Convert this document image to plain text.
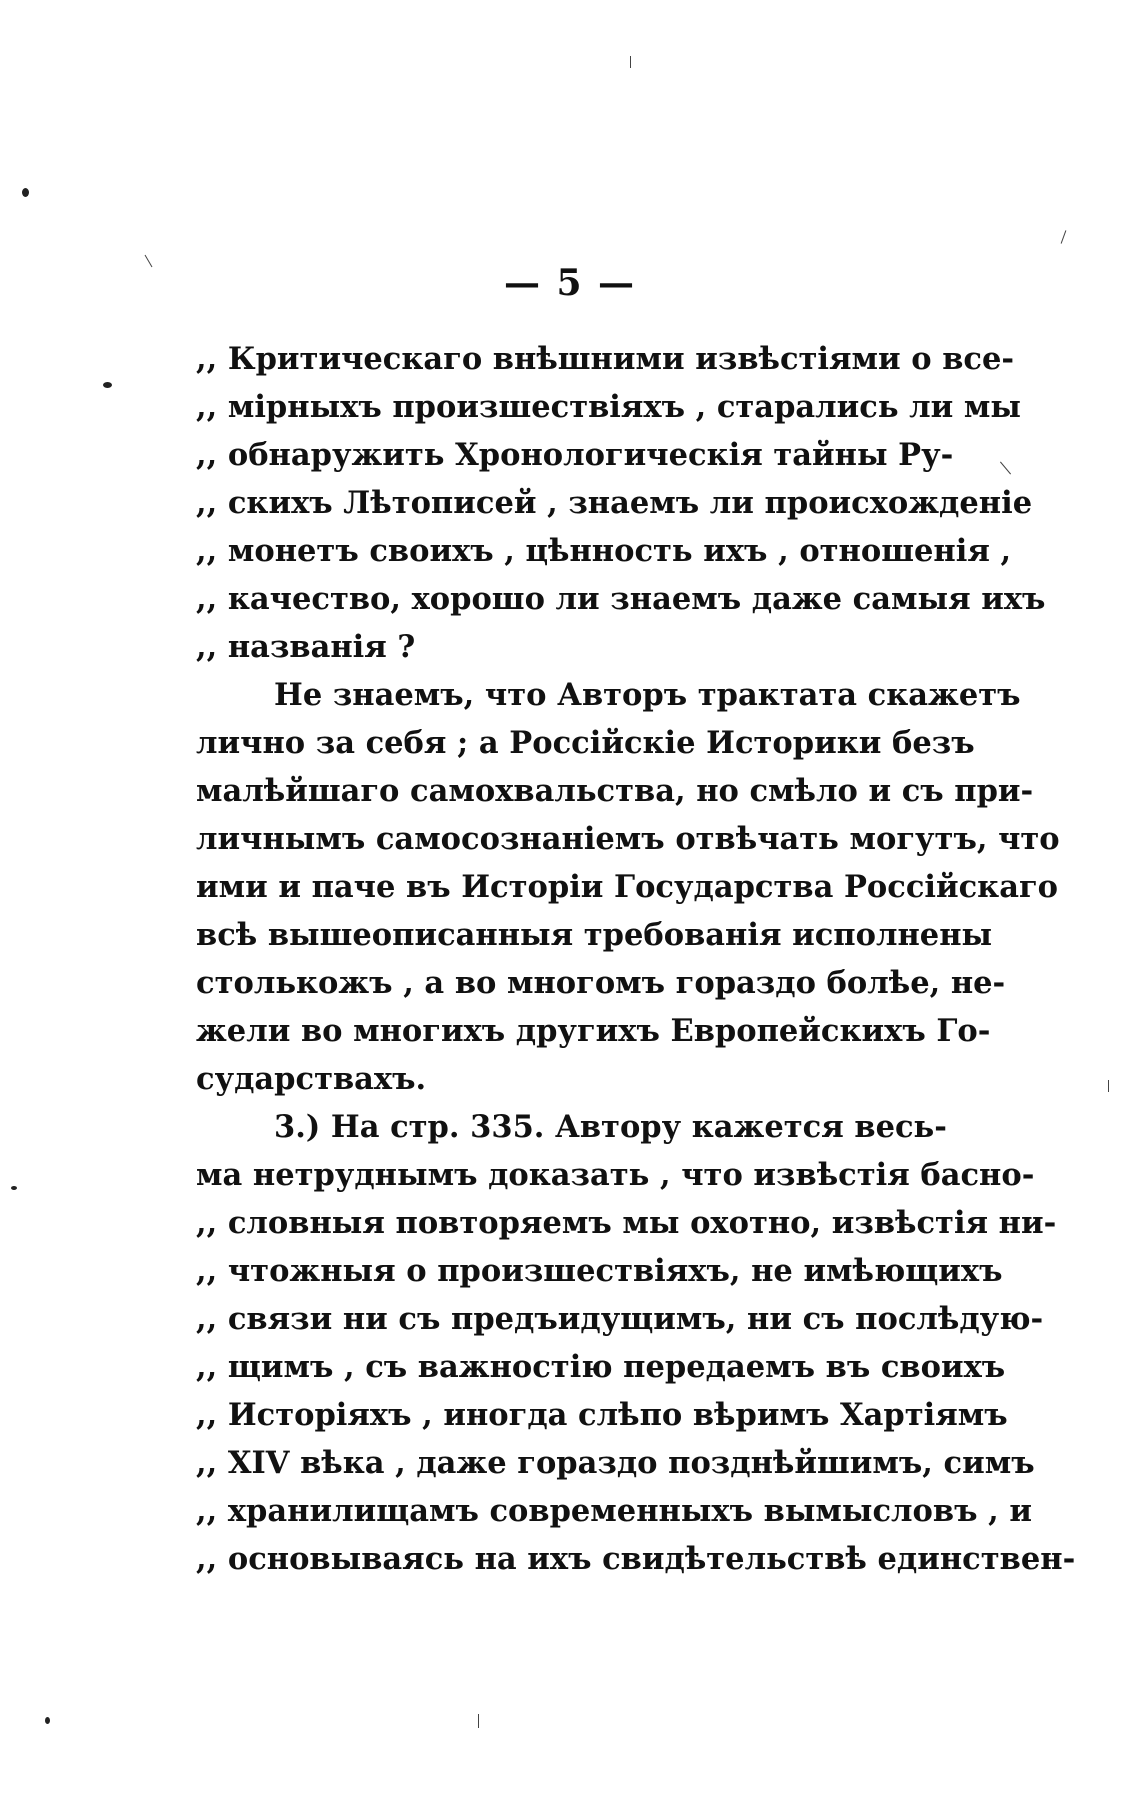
— 5 —
,, Критическаго внѣшними извѣстіями о все-
,, мірныхъ произшествіяхъ , старались ли мы
,, обнаружить Хронологическія тайны Ру-
,, скихъ Лѣтописей , знаемъ ли происхожденіе
,, монетъ своихъ , цѣнность ихъ , отношенія ,
,, качество, хорошо ли знаемъ даже самыя ихъ
,, названія ?
Не знаемъ, что Авторъ трактата скажетъ
лично за себя ; а Россійскіе Историки безъ
малѣйшаго самохвальства, но смѣло и съ при-
личнымъ самосознаніемъ отвѣчать могутъ, что
ими и паче въ Исторіи Государства Россійскаго
всѣ вышеописанныя требованія исполнены
столькожъ , а во многомъ гораздо болѣе, не-
жели во многихъ другихъ Европейскихъ Го-
сударствахъ.
3.) На стр. 335. Автору кажется весь-
ма нетруднымъ доказать , что извѣстія басно-
,, словныя повторяемъ мы охотно, извѣстія ни-
,, чтожныя о произшествіяхъ, не имѣющихъ
,, связи ни съ предъидущимъ, ни съ послѣдую-
,, щимъ , съ важностію передаемъ въ своихъ
,, Исторіяхъ , иногда слѣпо вѣримъ Хартіямъ
,, XIV вѣка , даже гораздо позднѣйшимъ, симъ
,, хранилищамъ современныхъ вымысловъ , и
,, основываясь на ихъ свидѣтельствѣ единствен-
